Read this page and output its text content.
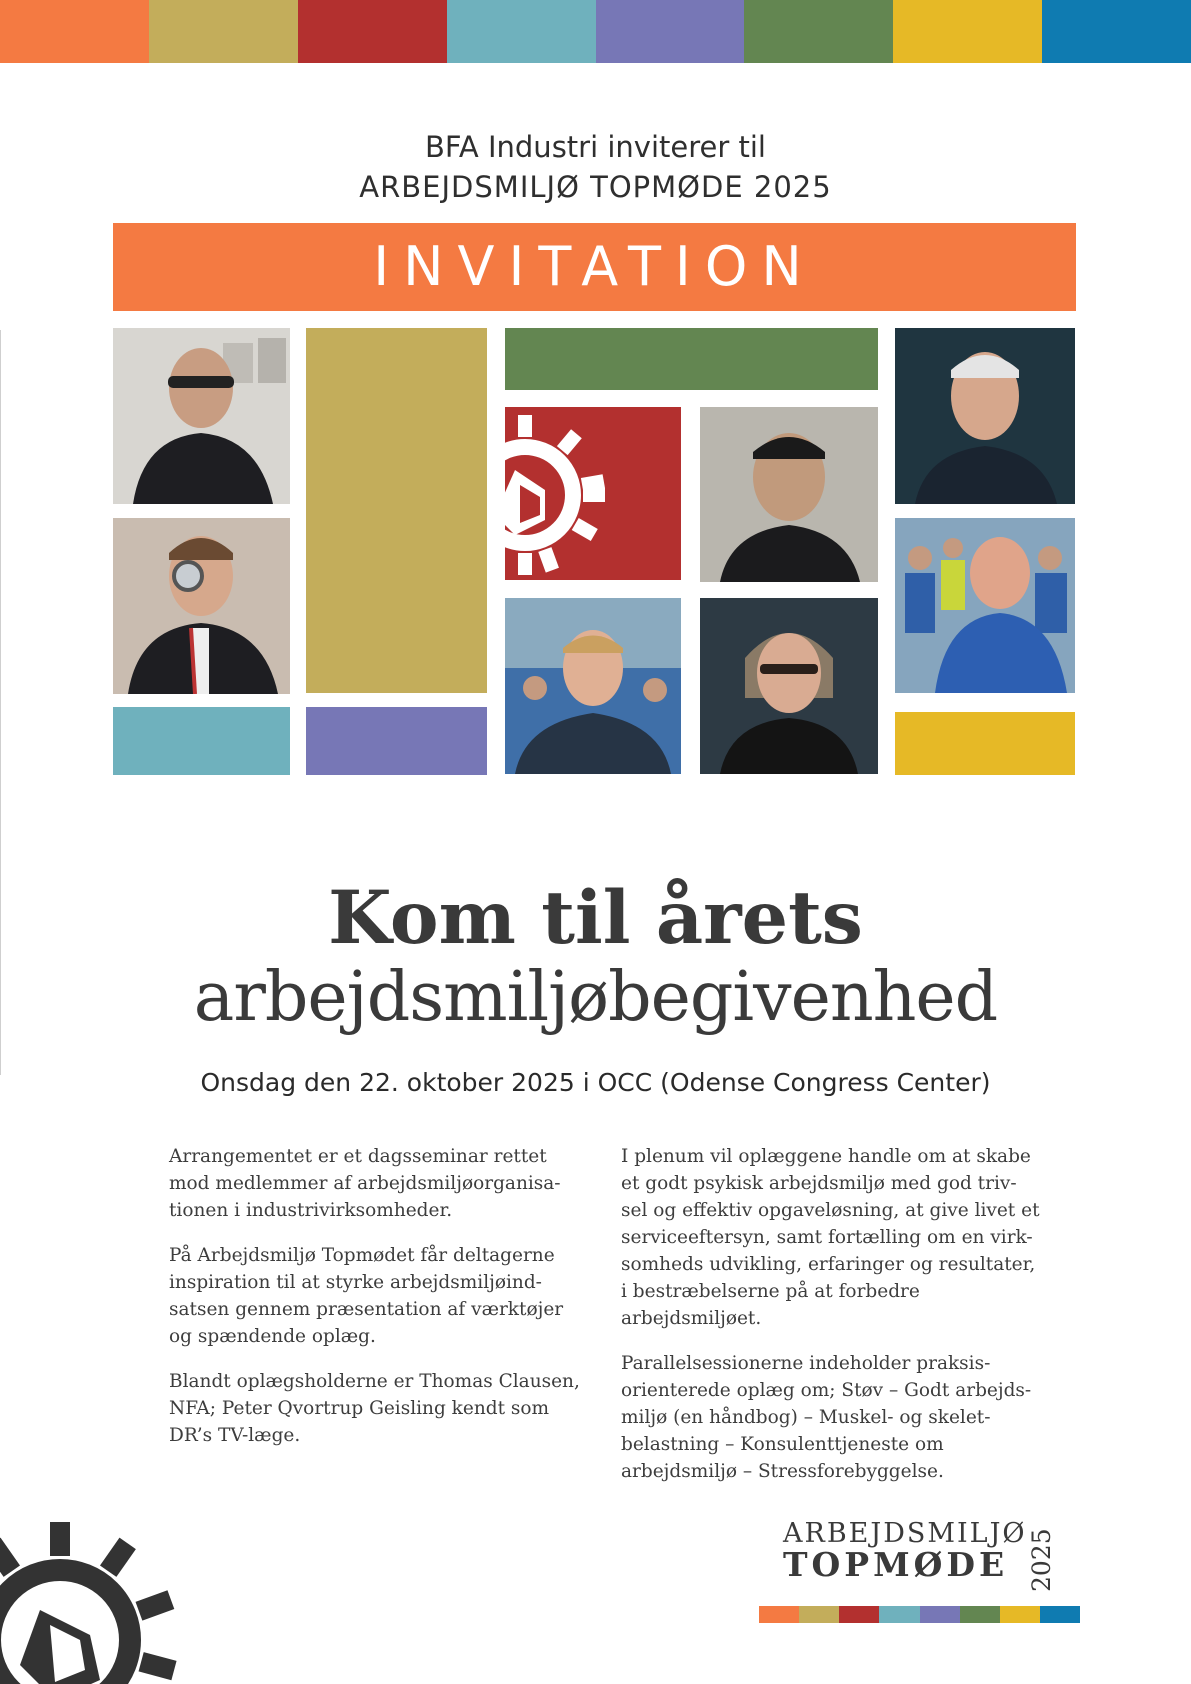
BFA Industri inviterer til
ARBEJDSMILJØ TOPMØDE 2025
INVITATION
Kom til årets
arbejdsmiljøbegivenhed
Onsdag den 22. oktober 2025 i OCC (Odense Congress Center)

Arrangementet er et dagsseminar rettet mod medlemmer af arbejdsmiljøorganisa-tionen i industrivirksomheder.

På Arbejdsmiljø Topmødet får deltagerne inspiration til at styrke arbejdsmiljøind-satsen gennem præsentation af værktøjer og spændende oplæg.

Blandt oplægsholderne er Thomas Clausen, NFA; Peter Qvortrup Geisling kendt som DR’s TV-læge.

I plenum vil oplæggene handle om at skabe et godt psykisk arbejdsmiljø med god triv-sel og effektiv opgaveløsning, at give livet et serviceeftersyn, samt fortælling om en virk-somheds udvikling, erfaringer og resultater, i bestræbelserne på at forbedre arbejdsmiljøet.

Parallelsessionerne indeholder praksis-orienterede oplæg om; Støv – Godt arbejds-miljø (en håndbog) – Muskel- og skelet-belastning – Konsulenttjeneste om arbejdsmiljø – Stressforebyggelse.

ARBEJDSMILJØ
TOPMØDE 2025
